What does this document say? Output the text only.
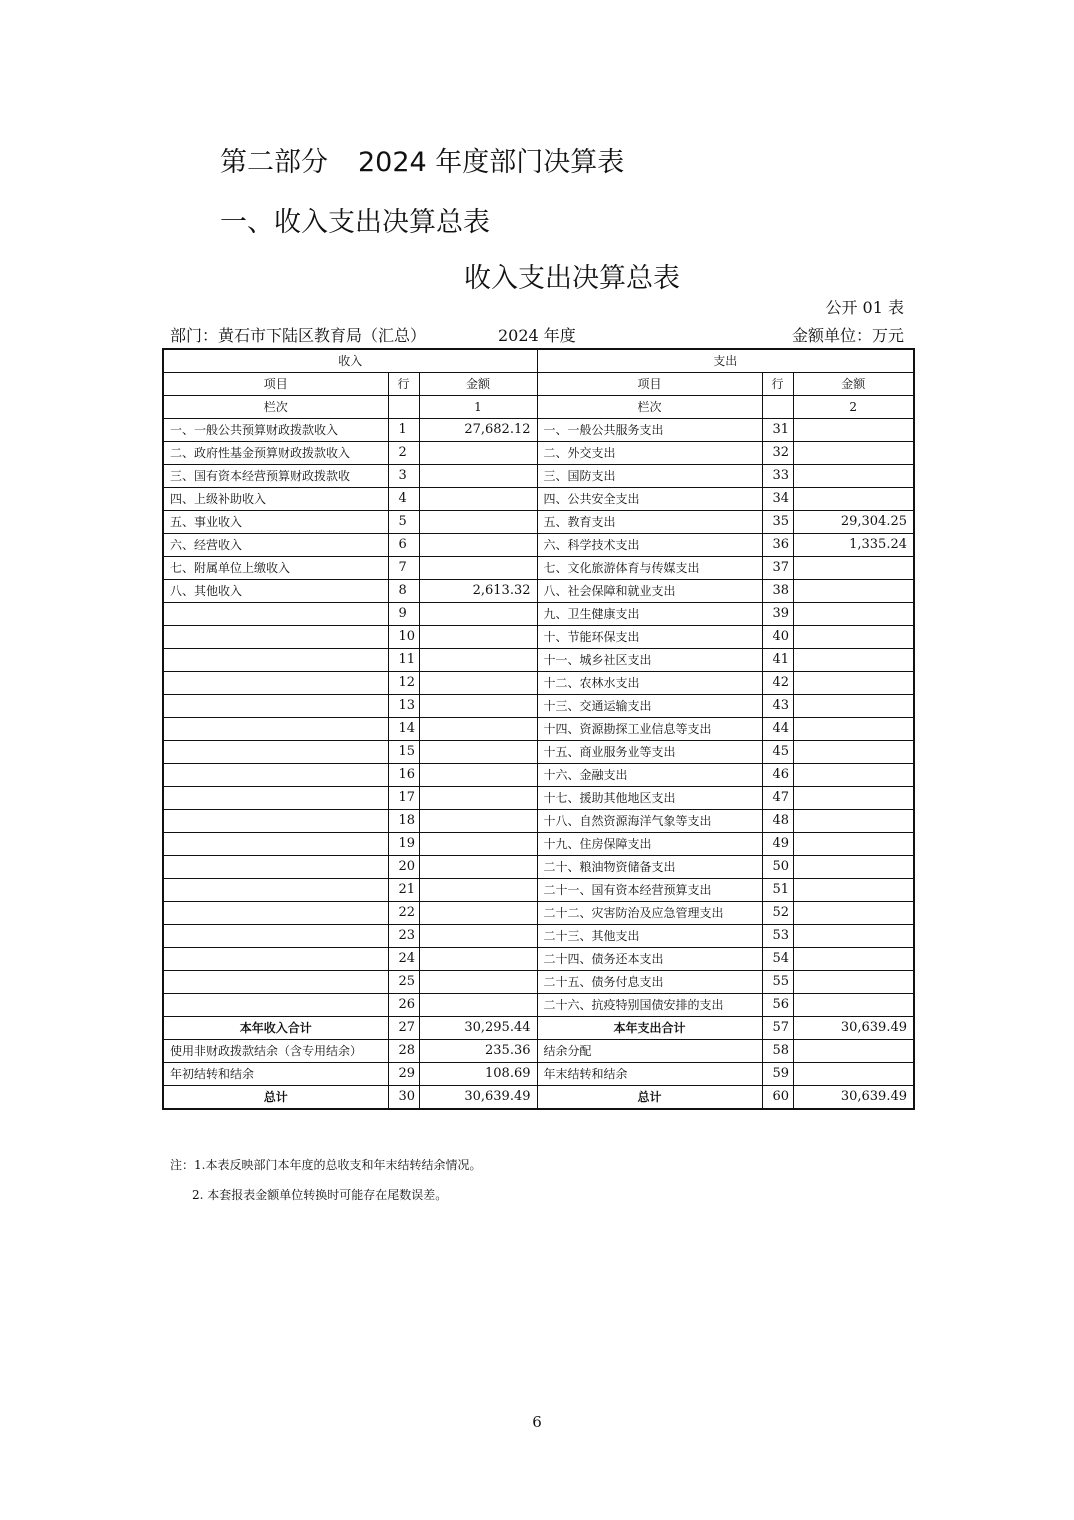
第二部分 2024 年度部门决算表
一、收入支出决算总表
收入支出决算总表
公开 01 表
部门：黄石市下陆区教育局（汇总）	2024 年度	金额单位：万元
收入			支出		
项目	行	金额	项目	行	金额
栏次		1	栏次		2
一、一般公共预算财政拨款收入	1	27,682.12	一、一般公共服务支出	31	
二、政府性基金预算财政拨款收入	2		二、外交支出	32	
三、国有资本经营预算财政拨款收	3		三、国防支出	33	
四、上级补助收入	4		四、公共安全支出	34	
五、事业收入	5		五、教育支出	35	29,304.25
六、经营收入	6		六、科学技术支出	36	1,335.24
七、附属单位上缴收入	7		七、文化旅游体育与传媒支出	37	
八、其他收入	8	2,613.32	八、社会保障和就业支出	38	
	9		九、卫生健康支出	39	
	10		十、节能环保支出	40	
	11		十一、城乡社区支出	41	
	12		十二、农林水支出	42	
	13		十三、交通运输支出	43	
	14		十四、资源勘探工业信息等支出	44	
	15		十五、商业服务业等支出	45	
	16		十六、金融支出	46	
	17		十七、援助其他地区支出	47	
	18		十八、自然资源海洋气象等支出	48	
	19		十九、住房保障支出	49	
	20		二十、粮油物资储备支出	50	
	21		二十一、国有资本经营预算支出	51	
	22		二十二、灾害防治及应急管理支出	52	
	23		二十三、其他支出	53	
	24		二十四、债务还本支出	54	
	25		二十五、债务付息支出	55	
	26		二十六、抗疫特别国债安排的支出	56	
本年收入合计	27	30,295.44	本年支出合计	57	30,639.49
使用非财政拨款结余（含专用结余）	28	235.36	结余分配	58	
年初结转和结余	29	108.69	年末结转和结余	59	
总计	30	30,639.49	总计	60	30,639.49
注：1.本表反映部门本年度的总收支和年末结转结余情况。
2. 本套报表金额单位转换时可能存在尾数误差。
6
